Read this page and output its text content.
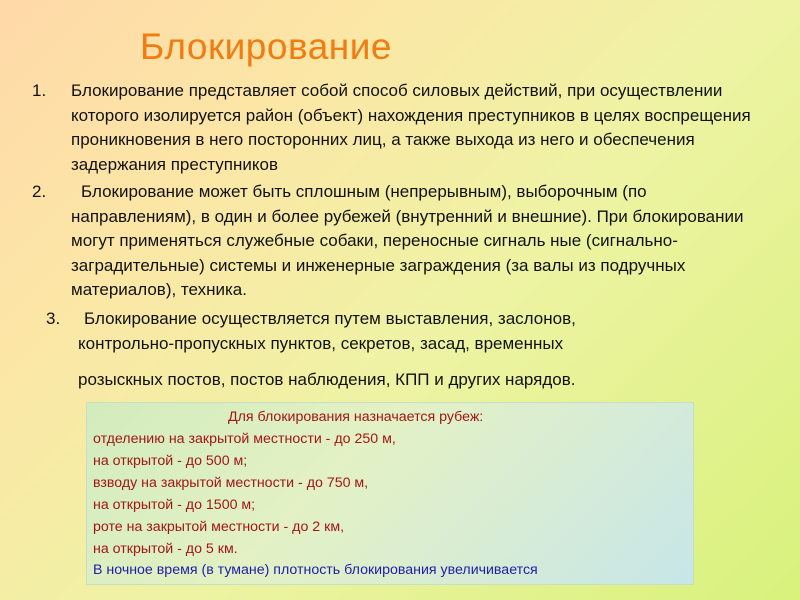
Блокирование
1. Блокирование представляет собой способ силовых действий, при осуществлении которого изолируется район (объект) нахождения преступников в целях воспрещения проникновения в него посторонних лиц, а также выхода из него и обеспечения задержания преступников
2.	Блокирование может быть сплошным (непрерывным), выборочным (по направлениям), в один и более рубежей (внутренний и внешние). При блокировании могут применяться служебные собаки, переносные сигналь ные (сигнально-заградительные) системы и инженерные заграждения (за валы из подручных материалов), техника.
3. Блокирование осуществляется путем выставления, заслонов,
контрольно-пропускных пунктов, секретов, засад, временных
розыскных постов, постов наблюдения, КПП и других нарядов.
Для блокирования назначается рубеж:
отделению на закрытой местности - до 250 м,
на открытой - до 500 м;
взводу на закрытой местности - до 750 м,
на открытой - до 1500 м;
роте на закрытой местности - до 2 км,
на открытой - до 5 км.
В ночное время (в тумане) плотность блокирования увеличивается
